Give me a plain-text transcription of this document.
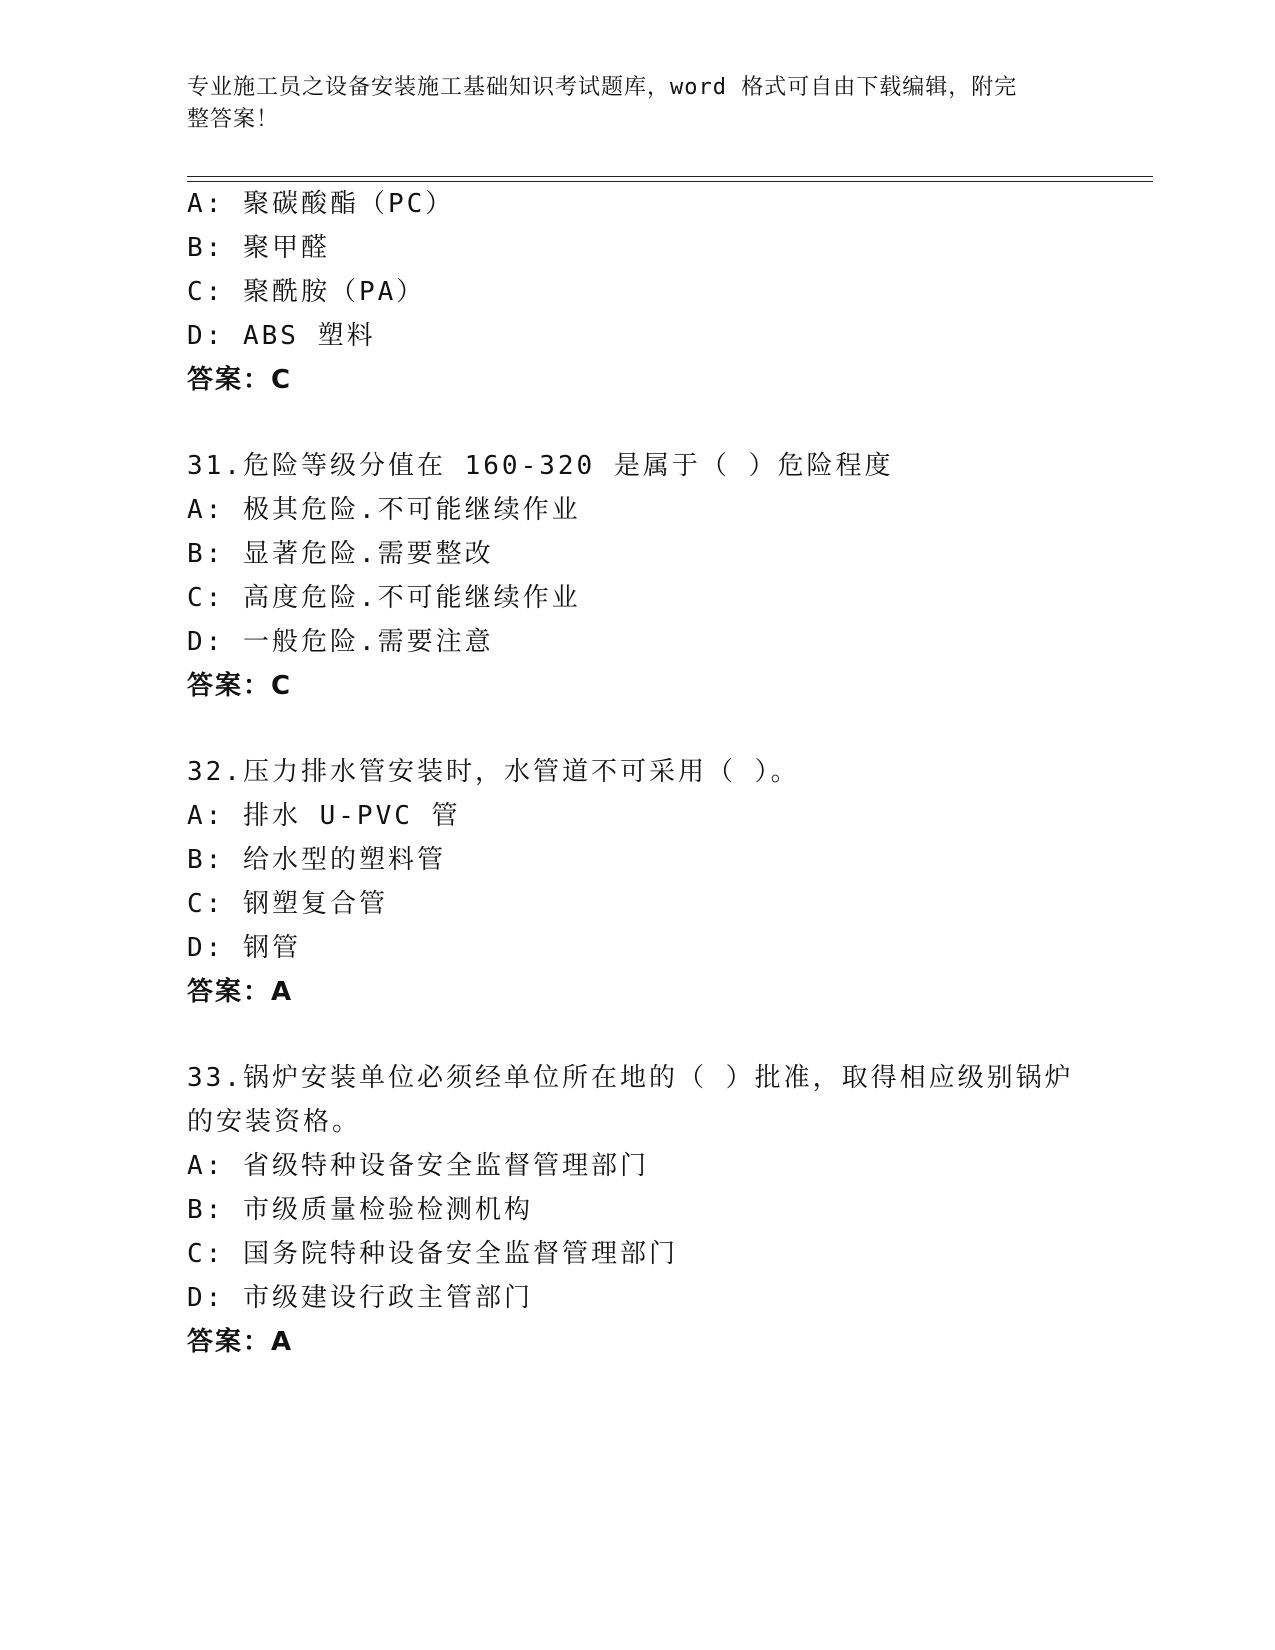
专业施工员之设备安装施工基础知识考试题库，word 格式可自由下载编辑，附完
整答案！
A: 聚碳酸酯（PC）
B: 聚甲醛
C: 聚酰胺（PA）
D: ABS 塑料
答案：C
31.危险等级分值在 160-320 是属于（ ）危险程度
A: 极其危险.不可能继续作业
B: 显著危险.需要整改
C: 高度危险.不可能继续作业
D: 一般危险.需要注意
答案：C
32.压力排水管安装时，水管道不可采用（ ）。
A: 排水 U-PVC 管
B: 给水型的塑料管
C: 钢塑复合管
D: 钢管
答案：A
33.锅炉安装单位必须经单位所在地的（ ）批准，取得相应级别锅炉
的安装资格。
A: 省级特种设备安全监督管理部门
B: 市级质量检验检测机构
C: 国务院特种设备安全监督管理部门
D: 市级建设行政主管部门
答案：A
